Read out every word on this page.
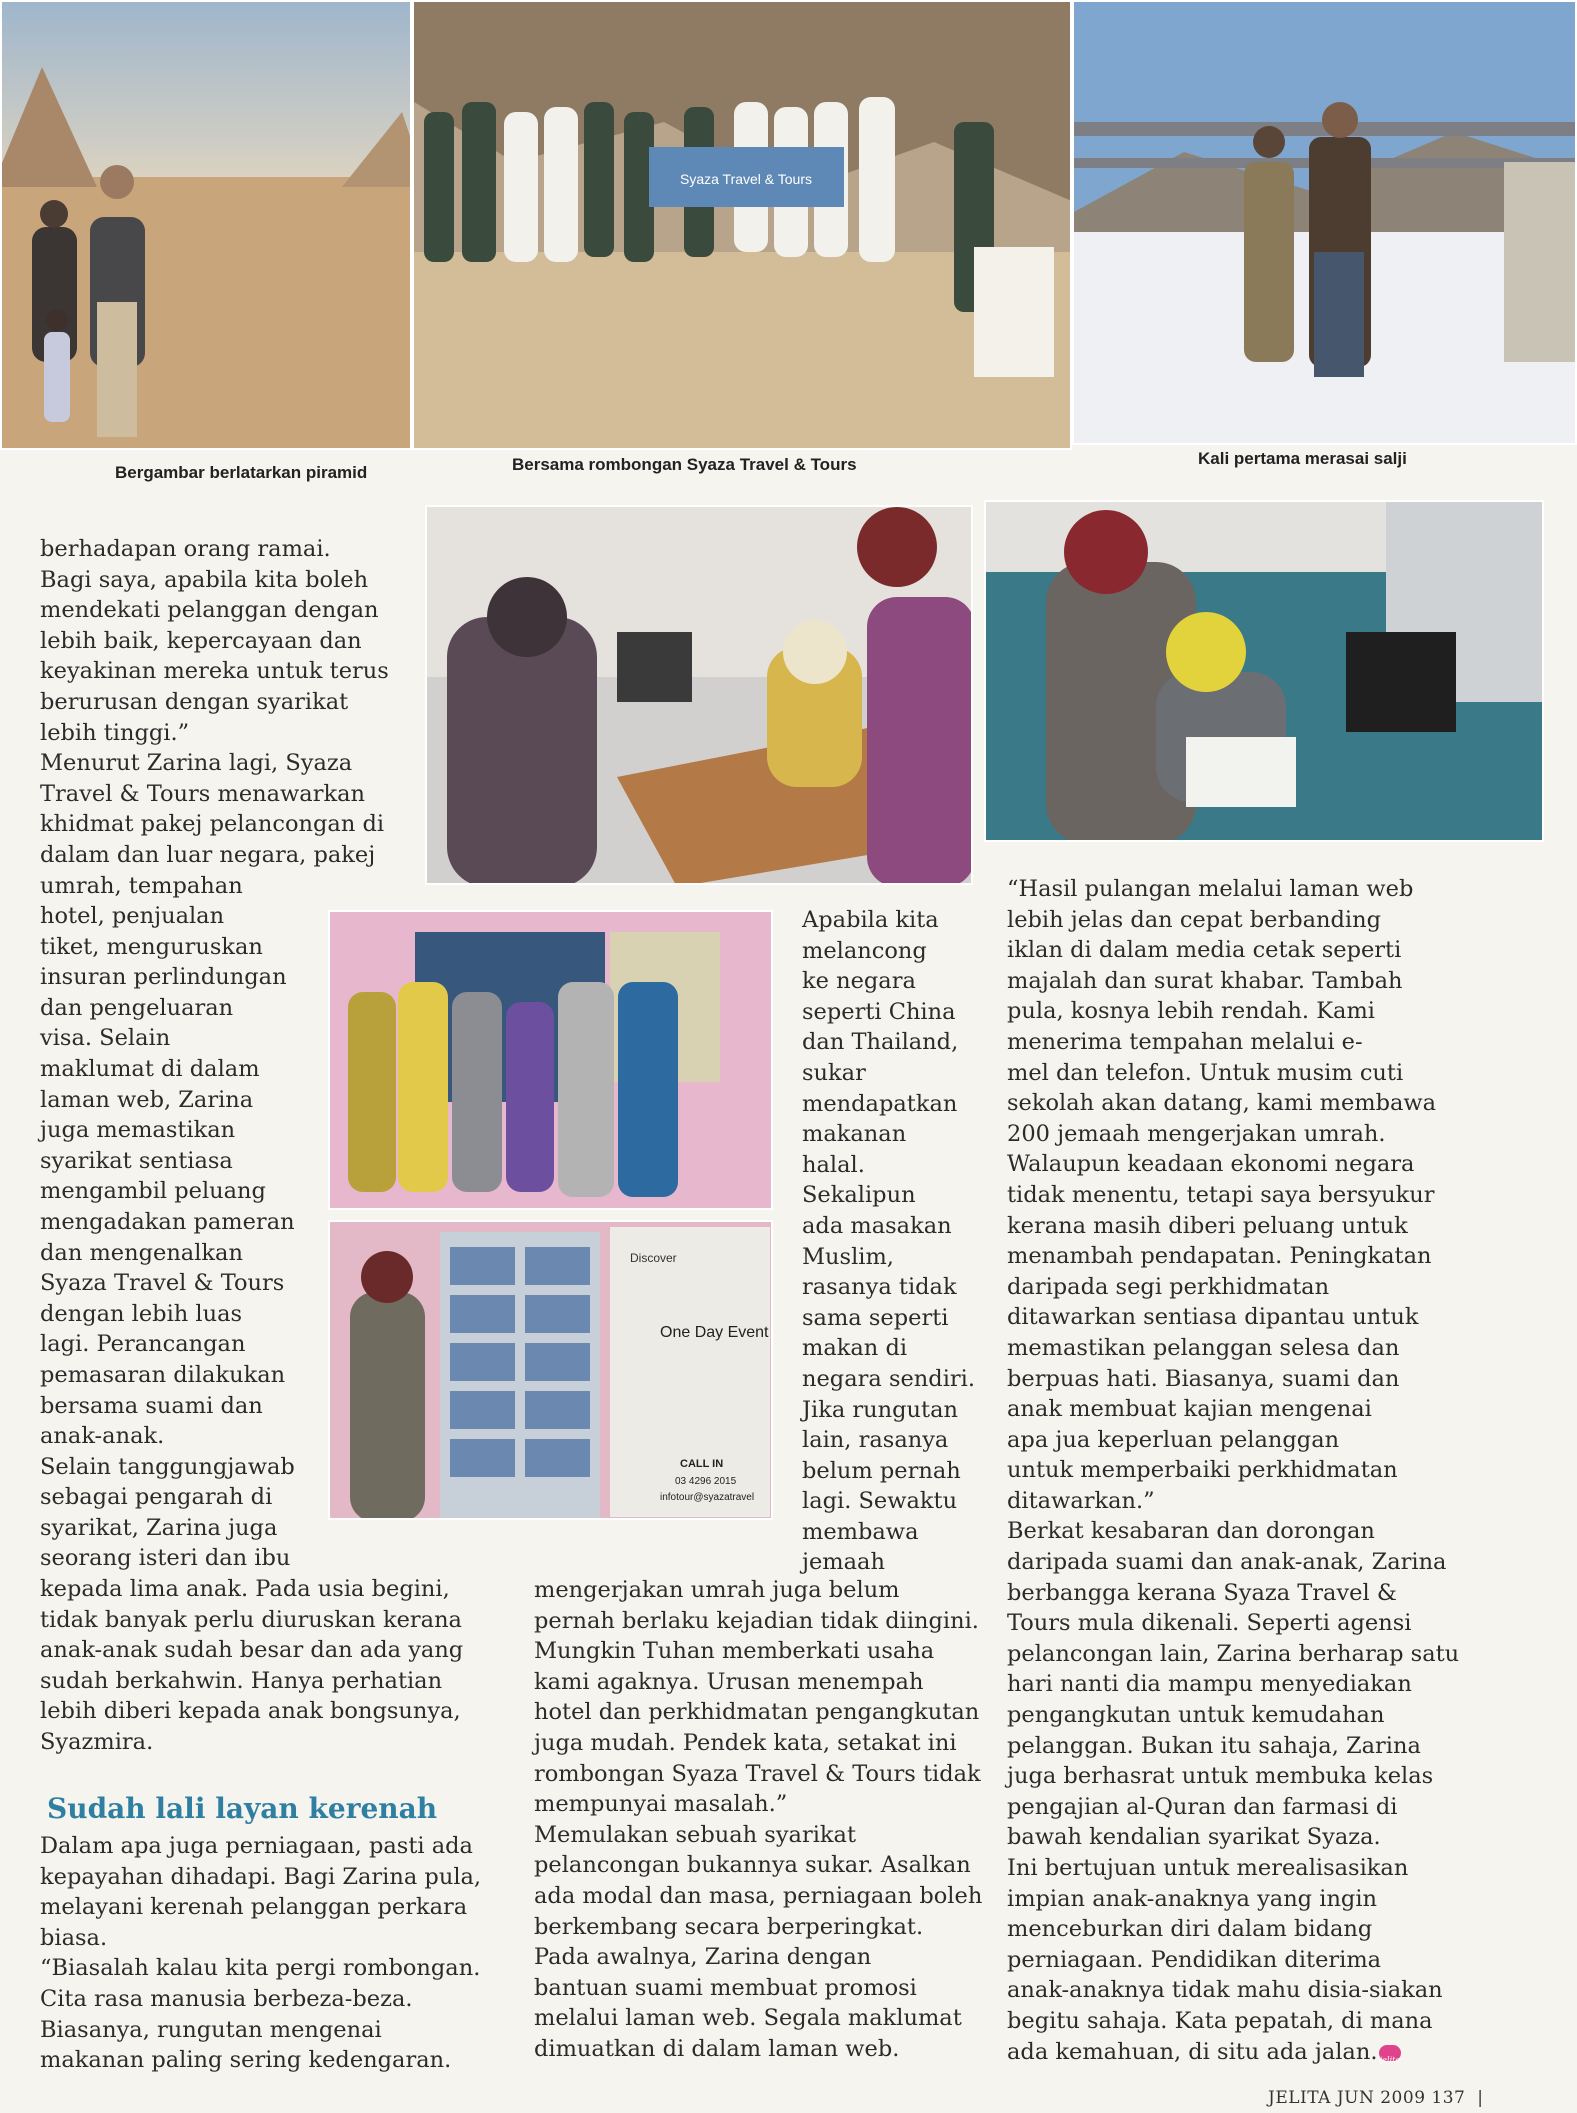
Syaza Travel & Tours
Bergambar berlatarkan piramid	Bersama rombongan Syaza Travel & Tours	Kali pertama merasai salji
Discover
One Day Event
CALL IN
03 4296 2015
infotour@syazatravel

berhadapan orang ramai.
Bagi saya, apabila kita boleh
mendekati pelanggan dengan
lebih baik, kepercayaan dan
keyakinan mereka untuk terus
berurusan dengan syarikat
lebih tinggi.”
Menurut Zarina lagi, Syaza
Travel & Tours menawarkan
khidmat pakej pelancongan di
dalam dan luar negara, pakej
umrah, tempahan

hotel, penjualan
tiket, menguruskan
insuran perlindungan
dan pengeluaran
visa. Selain
maklumat di dalam
laman web, Zarina
juga memastikan
syarikat sentiasa
mengambil peluang
mengadakan pameran
dan mengenalkan
Syaza Travel & Tours
dengan lebih luas
lagi. Perancangan
pemasaran dilakukan
bersama suami dan
anak-anak.
Selain tanggungjawab
sebagai pengarah di
syarikat, Zarina juga
seorang isteri dan ibu

kepada lima anak. Pada usia begini,
tidak banyak perlu diuruskan kerana
anak-anak sudah besar dan ada yang
sudah berkahwin. Hanya perhatian
lebih diberi kepada anak bongsunya,
Syazmira.

Sudah lali layan kerenah

Dalam apa juga perniagaan, pasti ada
kepayahan dihadapi. Bagi Zarina pula,
melayani kerenah pelanggan perkara
biasa.
“Biasalah kalau kita pergi rombongan.
Cita rasa manusia berbeza-beza.
Biasanya, rungutan mengenai
makanan paling sering kedengaran.

Apabila kita
melancong
ke negara
seperti China
dan Thailand,
sukar
mendapatkan
makanan
halal.
Sekalipun
ada masakan
Muslim,
rasanya tidak
sama seperti
makan di
negara sendiri.
Jika rungutan
lain, rasanya
belum pernah
lagi. Sewaktu
membawa
jemaah

mengerjakan umrah juga belum
pernah berlaku kejadian tidak diingini.
Mungkin Tuhan memberkati usaha
kami agaknya. Urusan menempah
hotel dan perkhidmatan pengangkutan
juga mudah. Pendek kata, setakat ini
rombongan Syaza Travel & Tours tidak
mempunyai masalah.”
Memulakan sebuah syarikat
pelancongan bukannya sukar. Asalkan
ada modal dan masa, perniagaan boleh
berkembang secara berperingkat.
Pada awalnya, Zarina dengan
bantuan suami membuat promosi
melalui laman web. Segala maklumat
dimuatkan di dalam laman web.

“Hasil pulangan melalui laman web
lebih jelas dan cepat berbanding
iklan di dalam media cetak seperti
majalah dan surat khabar. Tambah
pula, kosnya lebih rendah. Kami
menerima tempahan melalui e-
mel dan telefon. Untuk musim cuti
sekolah akan datang, kami membawa
200 jemaah mengerjakan umrah.
Walaupun keadaan ekonomi negara
tidak menentu, tetapi saya bersyukur
kerana masih diberi peluang untuk
menambah pendapatan. Peningkatan
daripada segi perkhidmatan
ditawarkan sentiasa dipantau untuk
memastikan pelanggan selesa dan
berpuas hati. Biasanya, suami dan
anak membuat kajian mengenai
apa jua keperluan pelanggan
untuk memperbaiki perkhidmatan
ditawarkan.”
Berkat kesabaran dan dorongan
daripada suami dan anak-anak, Zarina
berbangga kerana Syaza Travel &
Tours mula dikenali. Seperti agensi
pelancongan lain, Zarina berharap satu
hari nanti dia mampu menyediakan
pengangkutan untuk kemudahan
pelanggan. Bukan itu sahaja, Zarina
juga berhasrat untuk membuka kelas
pengajian al-Quran dan farmasi di
bawah kendalian syarikat Syaza.
Ini bertujuan untuk merealisasikan
impian anak-anaknya yang ingin
menceburkan diri dalam bidang
perniagaan. Pendidikan diterima
anak-anaknya tidak mahu disia-siakan
begitu sahaja. Kata pepatah, di mana
ada kemahuan, di situ ada jalan. jelita

JELITA JUN 2009 137 |
